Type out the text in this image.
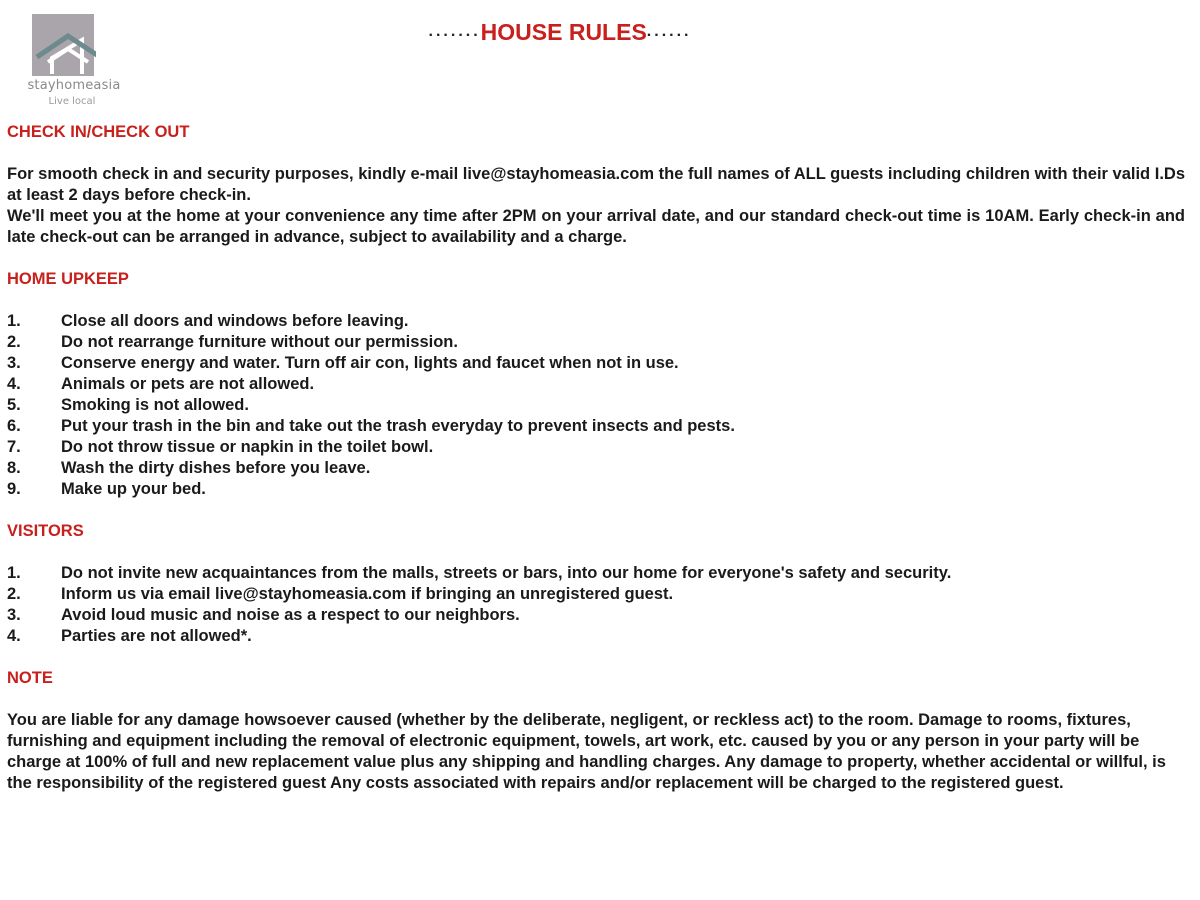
stayhomeasia
Live local
.......HOUSE RULES......
CHECK IN/CHECK OUT

For smooth check in and security purposes, kindly e-mail live@stayhomeasia.com the full names of ALL guests including children with their valid I.Ds at least 2 days before check-in.

We'll meet you at the home at your convenience any time after 2PM on your arrival date, and our standard check-out time is 10AM. Early check-in and late check-out can be arranged in advance, subject to availability and a charge.

HOME UPKEEP
1. Close all doors and windows before leaving.
2. Do not rearrange furniture without our permission.
3. Conserve energy and water. Turn off air con, lights and faucet when not in use.
4. Animals or pets are not allowed.
5. Smoking is not allowed.
6. Put your trash in the bin and take out the trash everyday to prevent insects and pests.
7. Do not throw tissue or napkin in the toilet bowl.
8. Wash the dirty dishes before you leave.
9. Make up your bed.
VISITORS
1. Do not invite new acquaintances from the malls, streets or bars, into our home for everyone's safety and security.
2. Inform us via email live@stayhomeasia.com if bringing an unregistered guest.
3. Avoid loud music and noise as a respect to our neighbors.
4. Parties are not allowed*.
NOTE

You are liable for any damage howsoever caused (whether by the deliberate, negligent, or reckless act) to the room. Damage to rooms, fixtures, furnishing and equipment including the removal of electronic equipment, towels, art work, etc. caused by you or any person in your party will be charge at 100% of full and new replacement value plus any shipping and handling charges. Any damage to property, whether accidental or willful, is the responsibility of the registered guest Any costs associated with repairs and/or replacement will be charged to the registered guest.
